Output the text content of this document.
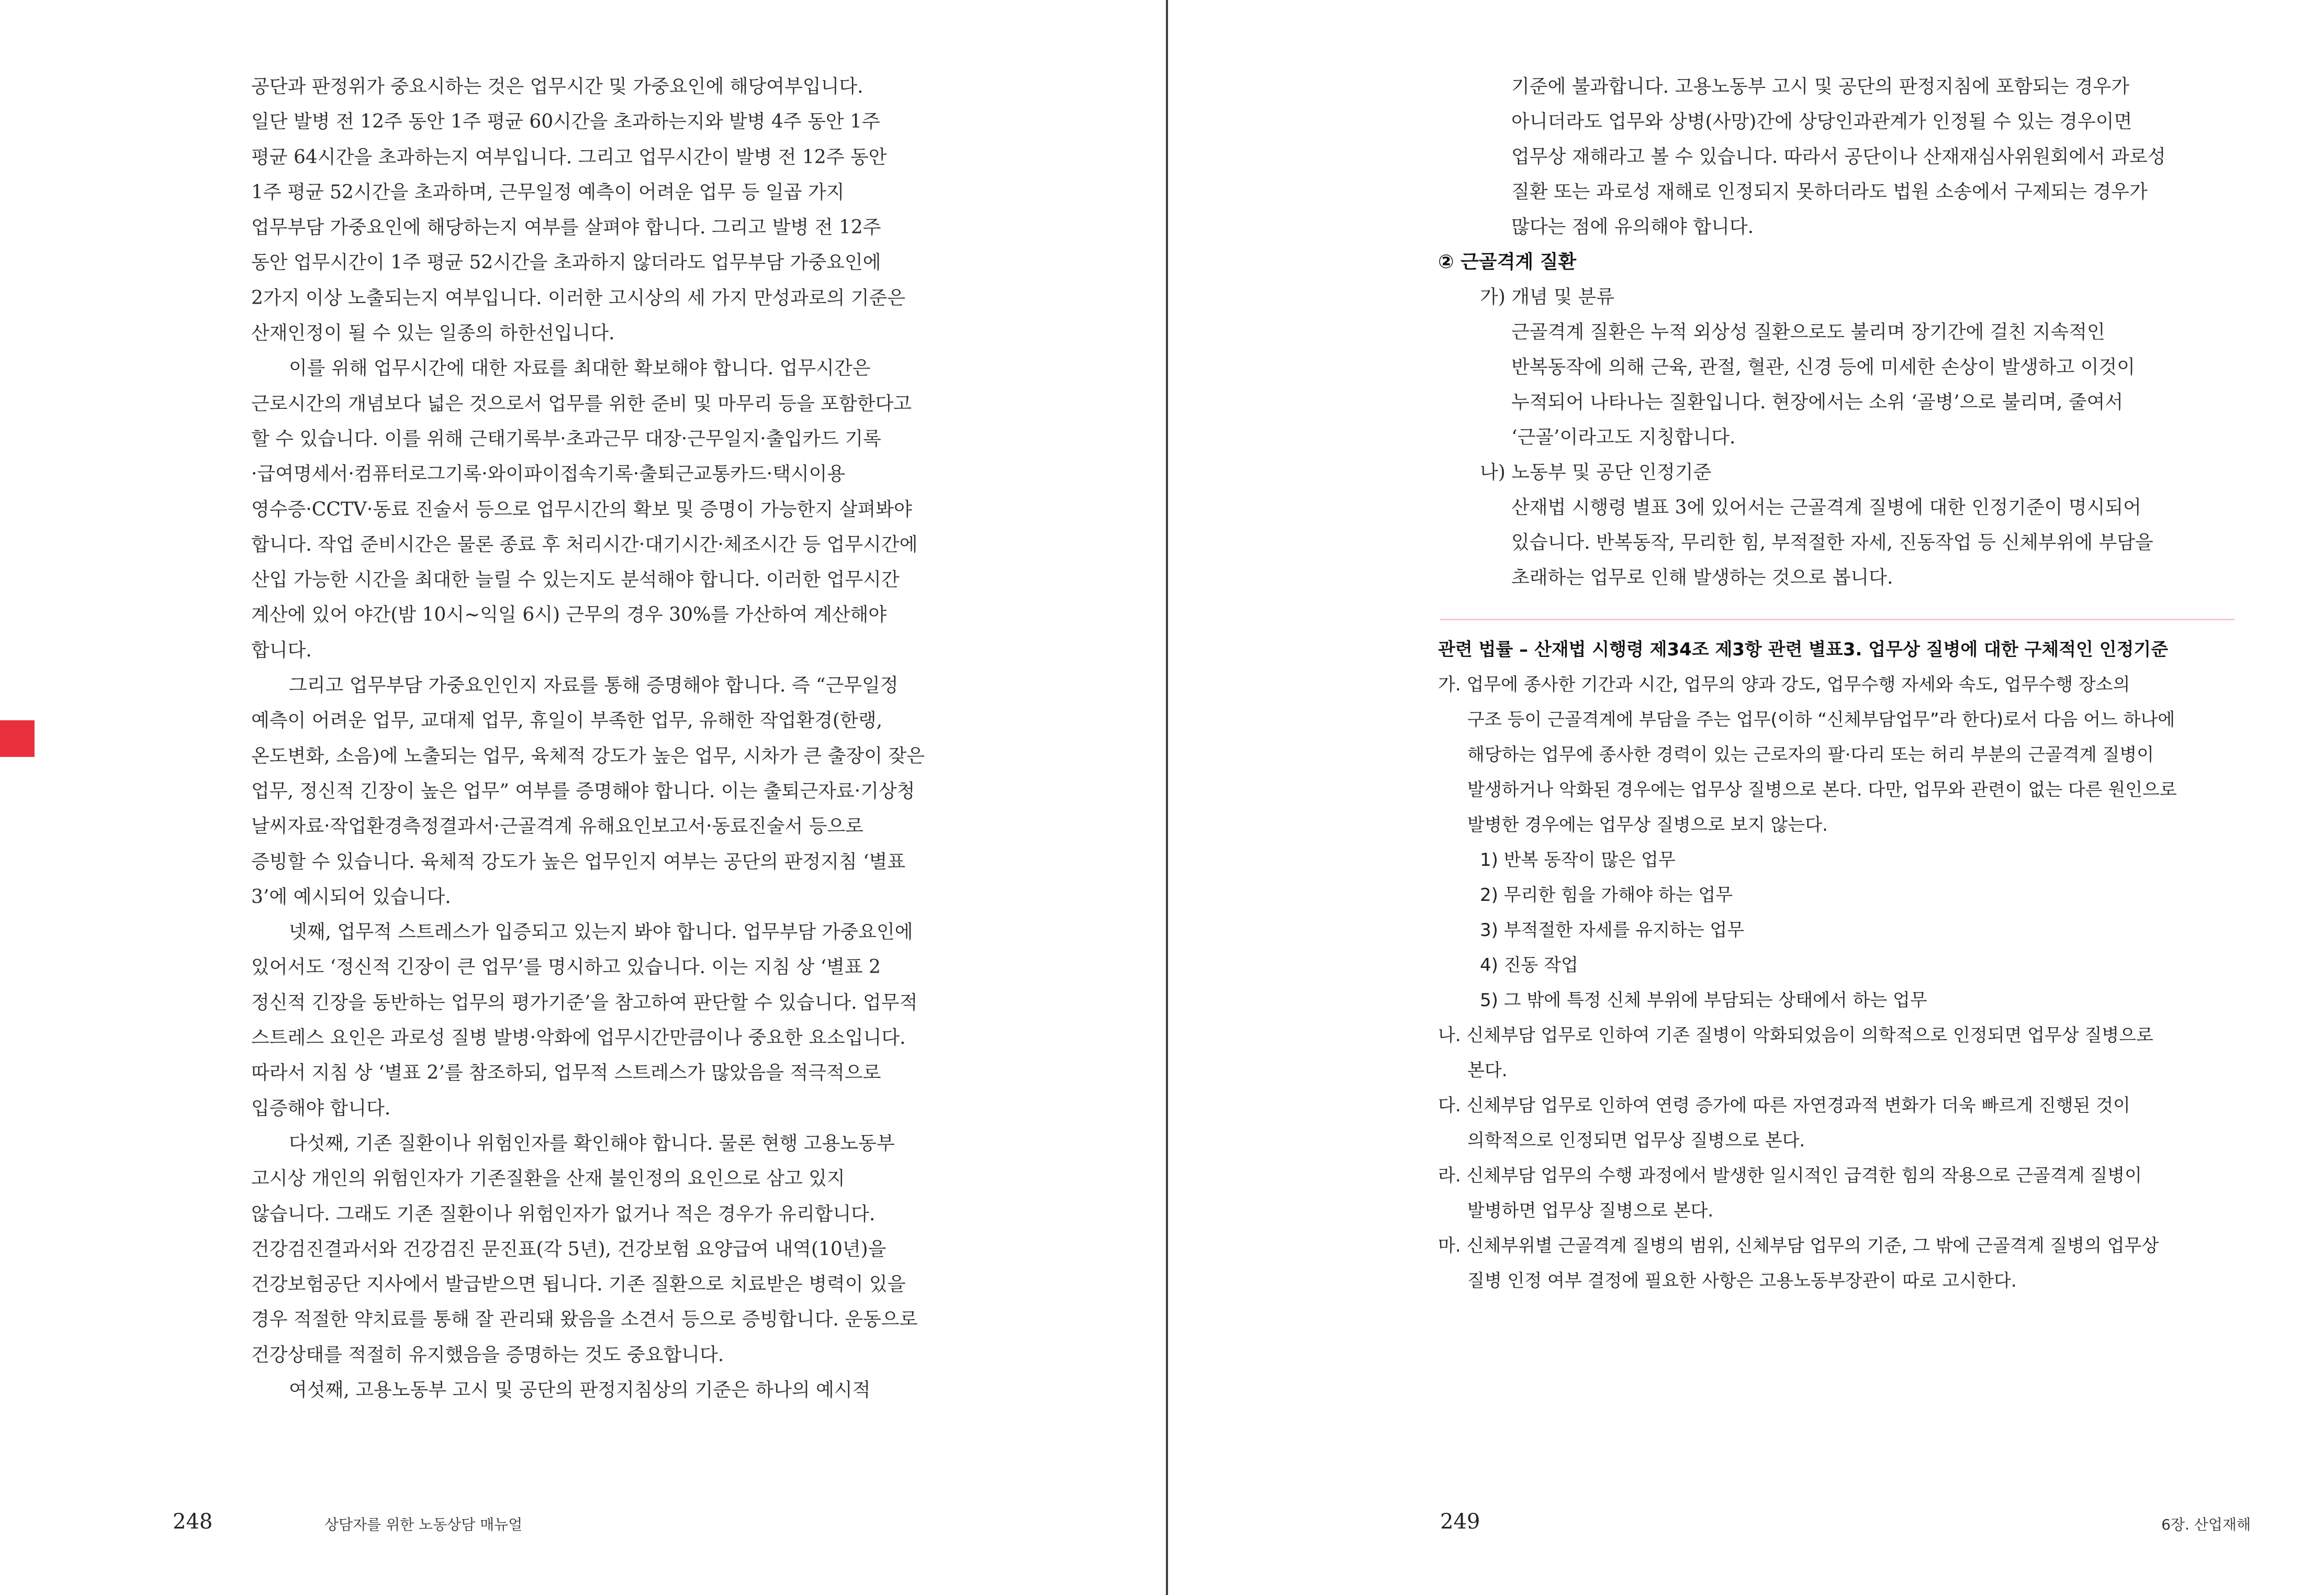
공단과 판정위가 중요시하는 것은 업무시간 및 가중요인에 해당여부입니다.

일단 발병 전 12주 동안 1주 평균 60시간을 초과하는지와 발병 4주 동안 1주

평균 64시간을 초과하는지 여부입니다. 그리고 업무시간이 발병 전 12주 동안

1주 평균 52시간을 초과하며, 근무일정 예측이 어려운 업무 등 일곱 가지

업무부담 가중요인에 해당하는지 여부를 살펴야 합니다. 그리고 발병 전 12주

동안 업무시간이 1주 평균 52시간을 초과하지 않더라도 업무부담 가중요인에

2가지 이상 노출되는지 여부입니다. 이러한 고시상의 세 가지 만성과로의 기준은

산재인정이 될 수 있는 일종의 하한선입니다.

　　이를 위해 업무시간에 대한 자료를 최대한 확보해야 합니다. 업무시간은

근로시간의 개념보다 넓은 것으로서 업무를 위한 준비 및 마무리 등을 포함한다고

할 수 있습니다. 이를 위해 근태기록부·초과근무 대장·근무일지·출입카드 기록

·급여명세서·컴퓨터로그기록·와이파이접속기록·출퇴근교통카드·택시이용

영수증·CCTV·동료 진술서 등으로 업무시간의 확보 및 증명이 가능한지 살펴봐야

합니다. 작업 준비시간은 물론 종료 후 처리시간·대기시간·체조시간 등 업무시간에

산입 가능한 시간을 최대한 늘릴 수 있는지도 분석해야 합니다. 이러한 업무시간

계산에 있어 야간(밤 10시~익일 6시) 근무의 경우 30%를 가산하여 계산해야

합니다.

　　그리고 업무부담 가중요인인지 자료를 통해 증명해야 합니다. 즉 “근무일정

예측이 어려운 업무, 교대제 업무, 휴일이 부족한 업무, 유해한 작업환경(한랭,

온도변화, 소음)에 노출되는 업무, 육체적 강도가 높은 업무, 시차가 큰 출장이 잦은

업무, 정신적 긴장이 높은 업무” 여부를 증명해야 합니다. 이는 출퇴근자료·기상청

날씨자료·작업환경측정결과서·근골격계 유해요인보고서·동료진술서 등으로

증빙할 수 있습니다. 육체적 강도가 높은 업무인지 여부는 공단의 판정지침 ‘별표

3’에 예시되어 있습니다.

　　넷째, 업무적 스트레스가 입증되고 있는지 봐야 합니다. 업무부담 가중요인에

있어서도 ‘정신적 긴장이 큰 업무’를 명시하고 있습니다. 이는 지침 상 ‘별표 2

정신적 긴장을 동반하는 업무의 평가기준’을 참고하여 판단할 수 있습니다. 업무적

스트레스 요인은 과로성 질병 발병·악화에 업무시간만큼이나 중요한 요소입니다.

따라서 지침 상 ‘별표 2’를 참조하되, 업무적 스트레스가 많았음을 적극적으로

입증해야 합니다.

　　다섯째, 기존 질환이나 위험인자를 확인해야 합니다. 물론 현행 고용노동부

고시상 개인의 위험인자가 기존질환을 산재 불인정의 요인으로 삼고 있지

않습니다. 그래도 기존 질환이나 위험인자가 없거나 적은 경우가 유리합니다.

건강검진결과서와 건강검진 문진표(각 5년), 건강보험 요양급여 내역(10년)을

건강보험공단 지사에서 발급받으면 됩니다. 기존 질환으로 치료받은 병력이 있을

경우 적절한 약치료를 통해 잘 관리돼 왔음을 소견서 등으로 증빙합니다. 운동으로

건강상태를 적절히 유지했음을 증명하는 것도 중요합니다.

　　여섯째, 고용노동부 고시 및 공단의 판정지침상의 기준은 하나의 예시적

248	상담자를 위한 노동상담 매뉴얼

기준에 불과합니다. 고용노동부 고시 및 공단의 판정지침에 포함되는 경우가

아니더라도 업무와 상병(사망)간에 상당인과관계가 인정될 수 있는 경우이면

업무상 재해라고 볼 수 있습니다. 따라서 공단이나 산재재심사위원회에서 과로성

질환 또는 과로성 재해로 인정되지 못하더라도 법원 소송에서 구제되는 경우가

많다는 점에 유의해야 합니다.

② 근골격계 질환

가) 개념 및 분류

근골격계 질환은 누적 외상성 질환으로도 불리며 장기간에 걸친 지속적인

반복동작에 의해 근육, 관절, 혈관, 신경 등에 미세한 손상이 발생하고 이것이

누적되어 나타나는 질환입니다. 현장에서는 소위 ‘골병’으로 불리며, 줄여서

‘근골’이라고도 지칭합니다.

나) 노동부 및 공단 인정기준

산재법 시행령 별표 3에 있어서는 근골격계 질병에 대한 인정기준이 명시되어

있습니다. 반복동작, 무리한 힘, 부적절한 자세, 진동작업 등 신체부위에 부담을

초래하는 업무로 인해 발생하는 것으로 봅니다.

관련 법률 – 산재법 시행령 제34조 제3항 관련 별표3. 업무상 질병에 대한 구체적인 인정기준

가. 업무에 종사한 기간과 시간, 업무의 양과 강도, 업무수행 자세와 속도, 업무수행 장소의

구조 등이 근골격계에 부담을 주는 업무(이하 “신체부담업무”라 한다)로서 다음 어느 하나에

해당하는 업무에 종사한 경력이 있는 근로자의 팔·다리 또는 허리 부분의 근골격계 질병이

발생하거나 악화된 경우에는 업무상 질병으로 본다. 다만, 업무와 관련이 없는 다른 원인으로

발병한 경우에는 업무상 질병으로 보지 않는다.

1) 반복 동작이 많은 업무

2) 무리한 힘을 가해야 하는 업무

3) 부적절한 자세를 유지하는 업무

4) 진동 작업

5) 그 밖에 특정 신체 부위에 부담되는 상태에서 하는 업무

나. 신체부담 업무로 인하여 기존 질병이 악화되었음이 의학적으로 인정되면 업무상 질병으로

본다.

다. 신체부담 업무로 인하여 연령 증가에 따른 자연경과적 변화가 더욱 빠르게 진행된 것이

의학적으로 인정되면 업무상 질병으로 본다.

라. 신체부담 업무의 수행 과정에서 발생한 일시적인 급격한 힘의 작용으로 근골격계 질병이

발병하면 업무상 질병으로 본다.

마. 신체부위별 근골격계 질병의 범위, 신체부담 업무의 기준, 그 밖에 근골격계 질병의 업무상

질병 인정 여부 결정에 필요한 사항은 고용노동부장관이 따로 고시한다.

249	6장. 산업재해
